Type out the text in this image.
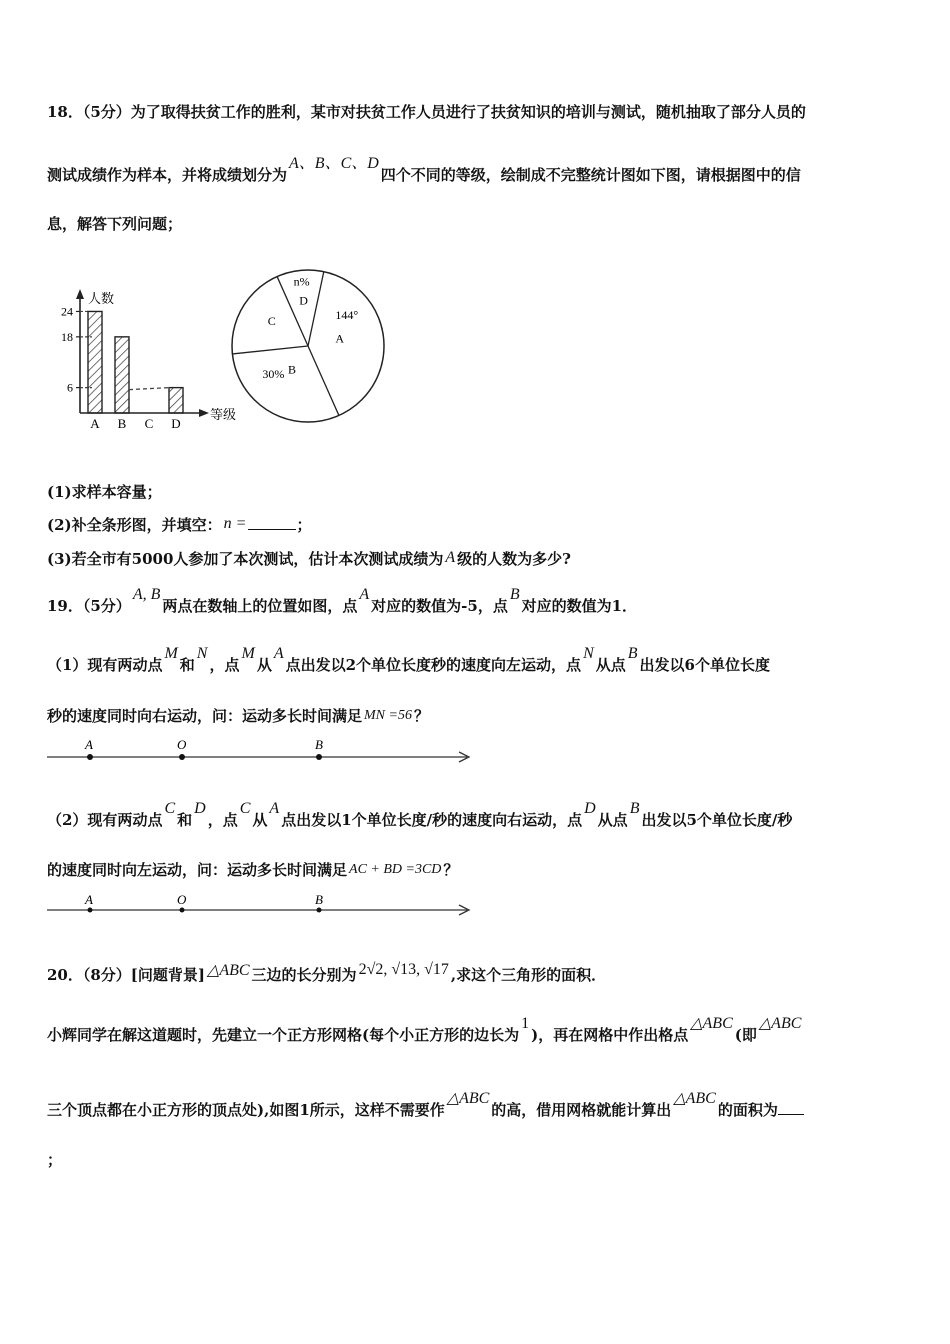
18．（5分）为了取得扶贫工作的胜利，某市对扶贫工作人员进行了扶贫知识的培训与测试，随机抽取了部分人员的
测试成绩作为样本，并将成绩划分为A、B、C、D四个不同的等级，绘制成不完整统计图如下图，请根据图中的信
息，解答下列问题；
人数
等级
6
18
24
A B C D
A
144°
B
30%
C
D
n%
(1)求样本容量；
(2)补全条形图，并填空： n =	；
(3)若全市有5000人参加了本次测试，估计本次测试成绩为 A 级的人数为多少?
19．（5分）A, B两点在数轴上的位置如图，点A对应的数值为-5，点B对应的数值为1．
（1）现有两动点M和N，点M从A点出发以2个单位长度秒的速度向左运动，点N从点B出发以6个单位长度
秒的速度同时向右运动，问：运动多长时间满足 MN =56 ？
A	O	B
（2）现有两动点C和D，点C从A点出发以1个单位长度/秒的速度向右运动，点D从点B出发以5个单位长度/秒
的速度同时向左运动，问：运动多长时间满足 AC + BD =3CD ？
A	O	B
20．（8分）[问题背景] △ABC 三边的长分别为 2√2, √13, √17 ,求这个三角形的面积．
小辉同学在解这道题时，先建立一个正方形网格(每个小正方形的边长为1)，再在网格中作出格点△ABC(即△ABC
三个顶点都在小正方形的顶点处),如图1所示，这样不需要作△ABC的高，借用网格就能计算出△ABC的面积为
；
